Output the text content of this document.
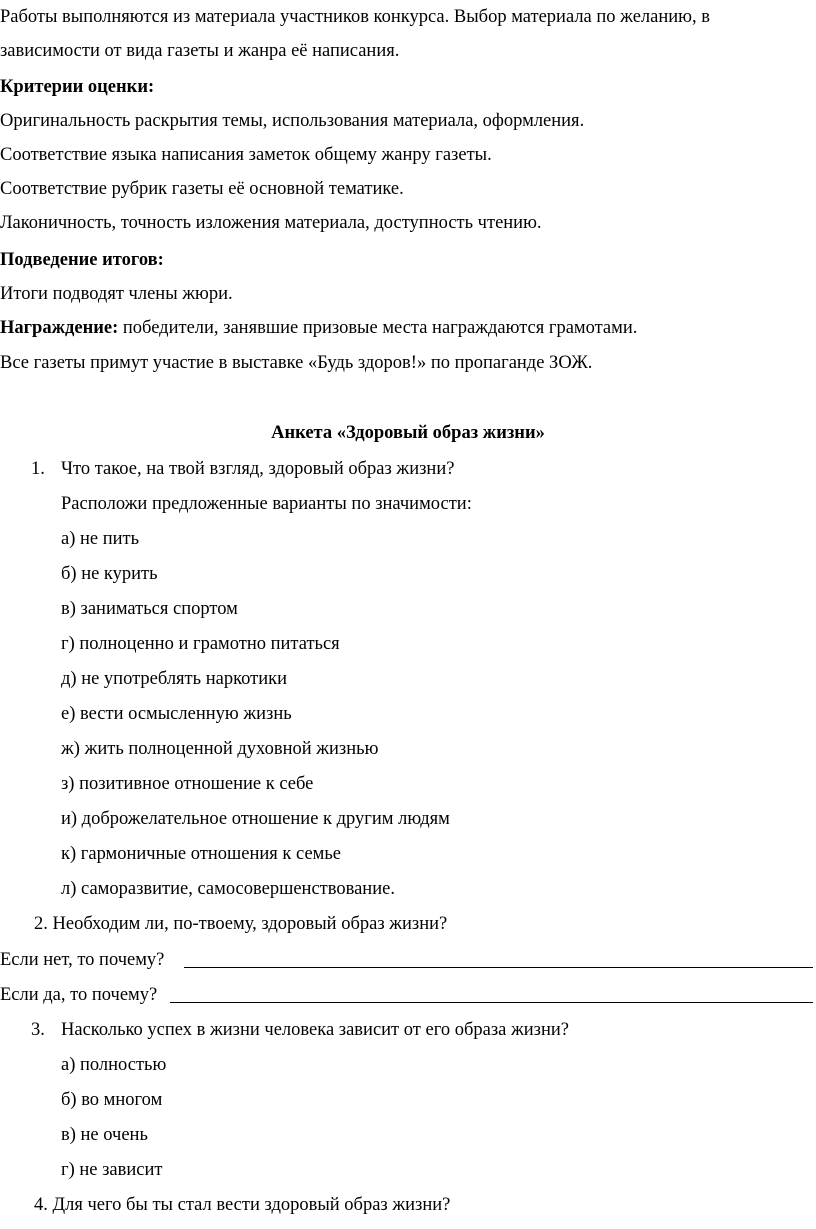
Работы выполняются из материала участников конкурса. Выбор материала по желанию, в
зависимости от вида газеты и жанра её написания.
Критерии оценки:
Оригинальность раскрытия темы, использования материала, оформления.
Соответствие языка написания заметок общему жанру газеты.
Соответствие рубрик газеты её основной тематике.
Лаконичность, точность изложения материала, доступность чтению.
Подведение итогов:
Итоги подводят члены жюри.
Награждение: победители, занявшие призовые места награждаются грамотами.
Все газеты примут участие в выставке «Будь здоров!» по пропаганде ЗОЖ.
Анкета «Здоровый образ жизни»
1. Что такое, на твой взгляд, здоровый образ жизни?
Расположи предложенные варианты по значимости:
а) не пить
б) не курить
в) заниматься спортом
г) полноценно и грамотно питаться
д) не употреблять наркотики
е) вести осмысленную жизнь
ж) жить полноценной духовной жизнью
з) позитивное отношение к себе
и) доброжелательное отношение к другим людям
к) гармоничные отношения к семье
л) саморазвитие, самосовершенствование.
2. Необходим ли, по-твоему, здоровый образ жизни?
Если нет, то почему?
Если да, то почему?
3. Насколько успех в жизни человека зависит от его образа жизни?
а) полностью
б) во многом
в) не очень
г) не зависит
4. Для чего бы ты стал вести здоровый образ жизни?
